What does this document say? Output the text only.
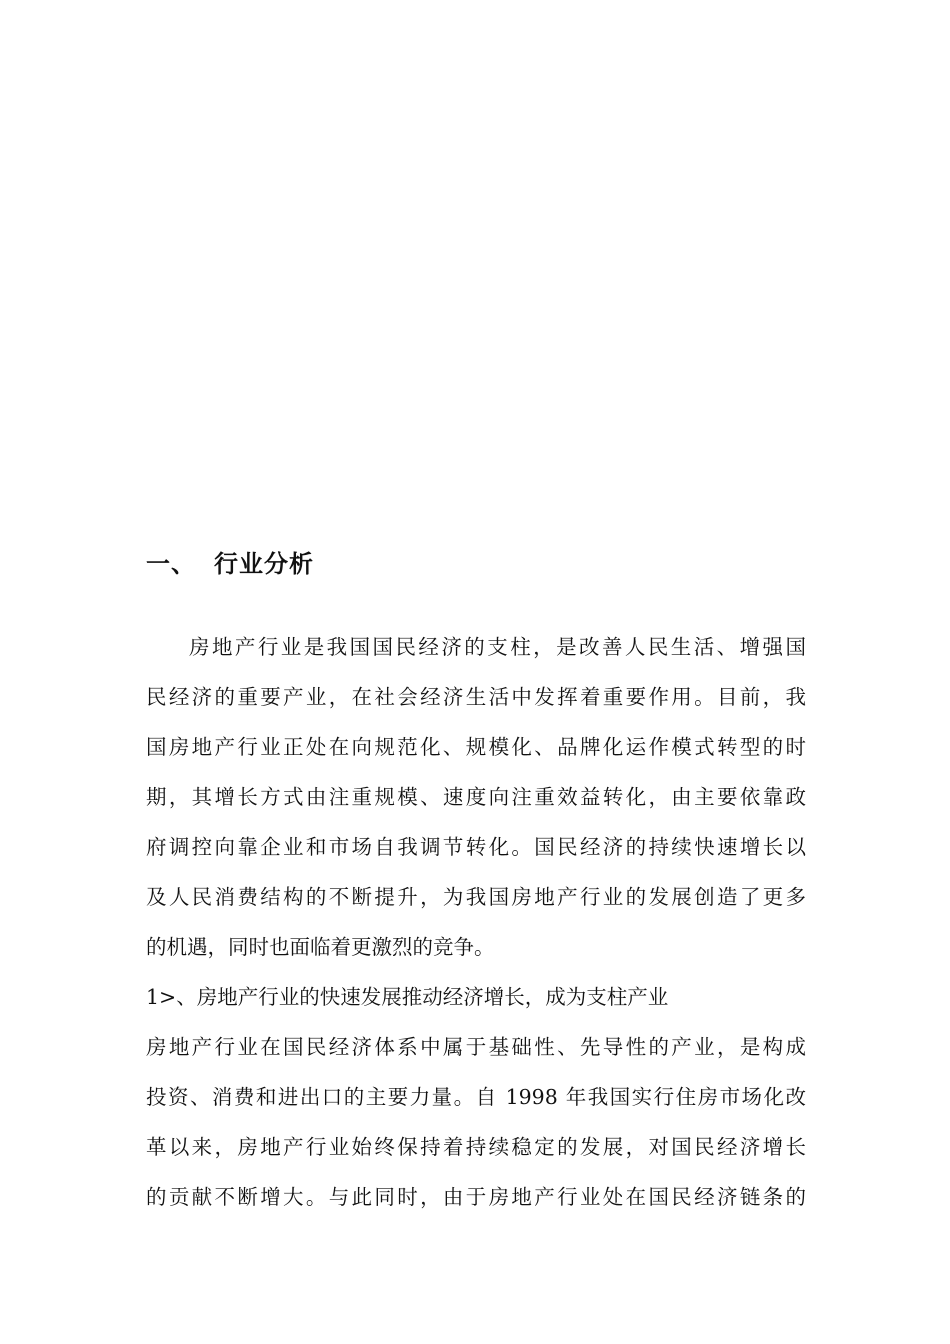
一、 行业分析
房地产行业是我国国民经济的支柱，是改善人民生活、增强国
民经济的重要产业，在社会经济生活中发挥着重要作用。目前，我
国房地产行业正处在向规范化、规模化、品牌化运作模式转型的时
期，其增长方式由注重规模、速度向注重效益转化，由主要依靠政
府调控向靠企业和市场自我调节转化。国民经济的持续快速增长以
及人民消费结构的不断提升，为我国房地产行业的发展创造了更多
的机遇，同时也面临着更激烈的竞争。
1>、房地产行业的快速发展推动经济增长，成为支柱产业
房地产行业在国民经济体系中属于基础性、先导性的产业，是构成
投资、消费和进出口的主要力量。自 1998 年我国实行住房市场化改
革以来，房地产行业始终保持着持续稳定的发展，对国民经济增长
的贡献不断增大。与此同时，由于房地产行业处在国民经济链条的
